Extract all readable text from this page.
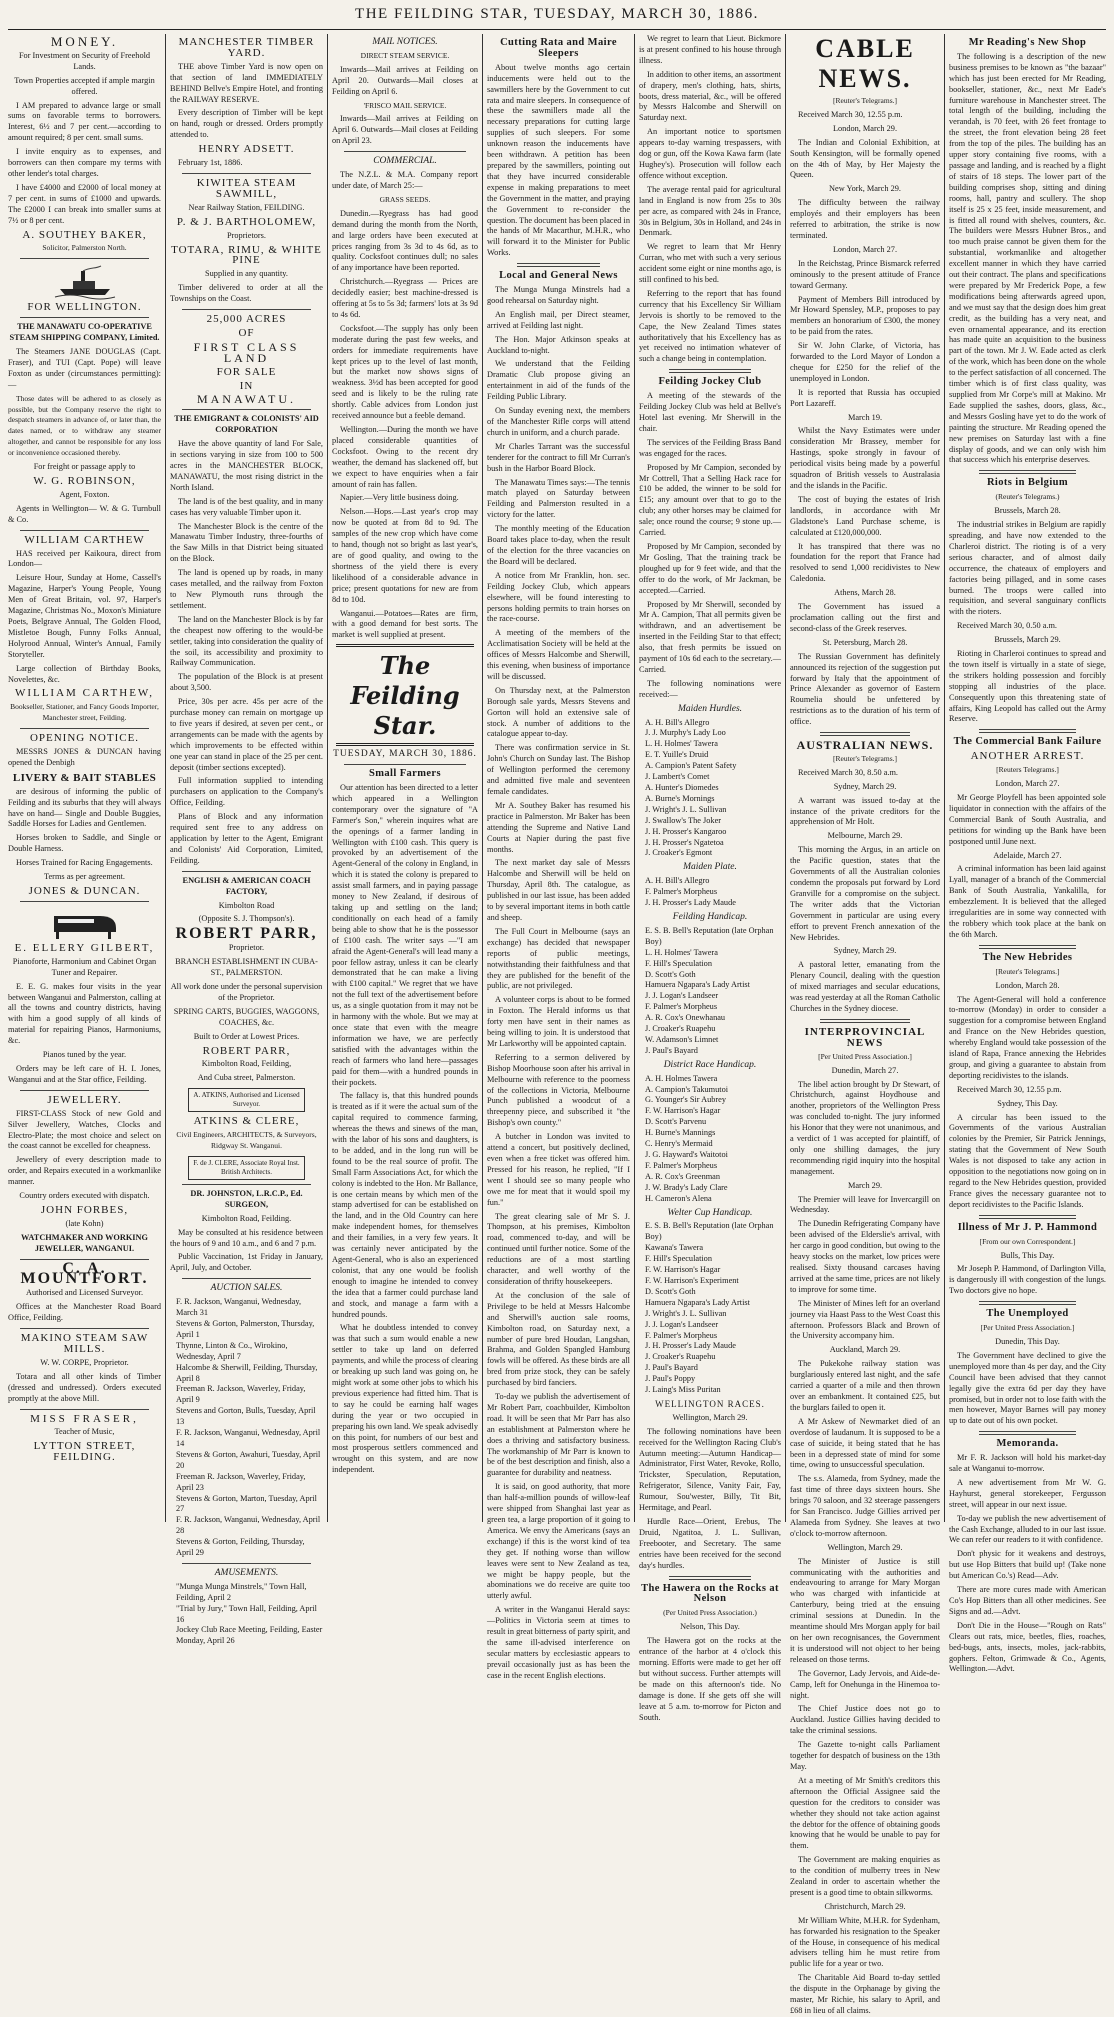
THE FEILDING STAR, TUESDAY, MARCH 30, 1886.
MONEY.

For Investment on Security of Freehold Lands.

Town Properties accepted if ample margin offered.

I AM prepared to advance large or small sums on favorable terms to borrowers. Interest, 6½ and 7 per cent.—according to amount required; 8 per cent. small sums.

I invite enquiry as to expenses, and borrowers can then compare my terms with other lender's total charges.

I have £4000 and £2000 of local money at 7 per cent. in sums of £1000 and upwards. The £2000 I can break into smaller sums at 7½ or 8 per cent.

A. SOUTHEY BAKER,

Solicitor, Palmerston North.

FOR WELLINGTON.

THE MANAWATU CO-OPERATIVE STEAM SHIPPING COMPANY, Limited.

The Steamers JANE DOUGLAS (Capt. Fraser), and TUI (Capt. Pope) will leave Foxton as under (circumstances permitting):—

Those dates will be adhered to as closely as possible, but the Company reserve the right to despatch steamers in advance of, or later than, the dates named, or to withdraw any steamer altogether, and cannot be responsible for any loss or inconvenience occasioned thereby.

For freight or passage apply to

W. G. ROBINSON,

Agent, Foxton.

Agents in Wellington— W. & G. Turnbull & Co.

WILLIAM CARTHEW

HAS received per Kaikoura, direct from London—

Leisure Hour, Sunday at Home, Cassell's Magazine, Harper's Young People, Young Men of Great Britain, vol. 97, Harper's Magazine, Christmas No., Moxon's Miniature Poets, Belgrave Annual, The Golden Flood, Mistletoe Bough, Funny Folks Annual, Holyrood Annual, Winter's Annual, Family Storyteller.

Large collection of Birthday Books, Novelettes, &c.

WILLIAM CARTHEW,

Bookseller, Stationer, and Fancy Goods Importer, Manchester street, Feilding.

OPENING NOTICE.

MESSRS JONES & DUNCAN having opened the Denbigh

LIVERY & BAIT STABLES

are desirous of informing the public of Feilding and its suburbs that they will always have on hand— Single and Double Buggies, Saddle Horses for Ladies and Gentlemen.

Horses broken to Saddle, and Single or Double Harness.

Horses Trained for Racing Engagements.

Terms as per agreement.

JONES & DUNCAN.
E. ELLERY GILBERT,

Pianoforte, Harmonium and Cabinet Organ Tuner and Repairer.

E. E. G. makes four visits in the year between Wanganui and Palmerston, calling at all the towns and country districts, having with him a good supply of all kinds of material for repairing Pianos, Harmoniums, &c.

Pianos tuned by the year.

Orders may be left care of H. I. Jones, Wanganui and at the Star office, Feilding.

JEWELLERY.

FIRST-CLASS Stock of new Gold and Silver Jewellery, Watches, Clocks and Electro-Plate; the most choice and select on the coast cannot be excelled for cheapness.

Jewellery of every description made to order, and Repairs executed in a workmanlike manner.

Country orders executed with dispatch.

JOHN FORBES,

(late Kohn)

WATCHMAKER AND WORKING JEWELLER, WANGANUI.

C. A. MOUNTFORT.

Authorised and Licensed Surveyor.

Offices at the Manchester Road Board Office, Feilding.

MAKINO STEAM SAW MILLS.

W. W. CORPE, Proprietor.

Totara and all other kinds of Timber (dressed and undressed). Orders executed promptly at the above Mill.

MISS FRASER,

Teacher of Music,

LYTTON STREET, FEILDING.
MANCHESTER TIMBER YARD.

THE above Timber Yard is now open on that section of land IMMEDIATELY BEHIND Bellve's Empire Hotel, and fronting the RAILWAY RESERVE.

Every description of Timber will be kept on hand, rough or dressed. Orders promptly attended to.

HENRY ADSETT.

February 1st, 1886.

KIWITEA STEAM SAWMILL,

Near Railway Station, FEILDING.

P. & J. BARTHOLOMEW,

Proprietors.

TOTARA, RIMU, & WHITE PINE

Supplied in any quantity.

Timber delivered to order at all the Townships on the Coast.

25,000 ACRES
OF
FIRST CLASS LAND
FOR SALE
IN
MANAWATU.

THE EMIGRANT & COLONISTS' AID CORPORATION

Have the above quantity of land For Sale, in sections varying in size from 100 to 500 acres in the MANCHESTER BLOCK, MANAWATU, the most rising district in the North Island.

The land is of the best quality, and in many cases has very valuable Timber upon it.

The Manchester Block is the centre of the Manawatu Timber Industry, three-fourths of the Saw Mills in that District being situated on the Block.

The land is opened up by roads, in many cases metalled, and the railway from Foxton to New Plymouth runs through the settlement.

The land on the Manchester Block is by far the cheapest now offering to the would-be settler, taking into consideration the quality of the soil, its accessibility and proximity to Railway Communication.

The population of the Block is at present about 3,500.

Price, 30s per acre. 45s per acre of the purchase money can remain on mortgage up to five years if desired, at seven per cent., or arrangements can be made with the agents by which improvements to be effected within one year can stand in place of the 25 per cent. deposit (timber sections excepted).

Full information supplied to intending purchasers on application to the Company's Office, Feilding.

Plans of Block and any information required sent free to any address on application by letter to the Agent, Emigrant and Colonists' Aid Corporation, Limited, Feilding.

ENGLISH & AMERICAN COACH FACTORY,

Kimbolton Road

(Opposite S. J. Thompson's).

ROBERT PARR,

Proprietor.

BRANCH ESTABLISHMENT IN CUBA-ST., PALMERSTON.

All work done under the personal supervision of the Proprietor.

SPRING CARTS, BUGGIES, WAGGONS, COACHES, &c.

Built to Order at Lowest Prices.

ROBERT PARR,

Kimbolton Road, Feilding,

And Cuba street, Palmerston.

A. ATKINS, Authorised and Licensed Surveyor.
ATKINS & CLERE,

Civil Engineers, ARCHITECTS, & Surveyors, Ridgway St. Wanganui.

F. de J. CLERE, Associate Royal Inst. British Architects.

DR. JOHNSTON, L.R.C.P., Ed. SURGEON,

Kimbolton Road, Feilding.

May be consulted at his residence between the hours of 9 and 10 a.m., and 6 and 7 p.m.

Public Vaccination, 1st Friday in January, April, July, and October.

AUCTION SALES.
F. R. Jackson, Wanganui, Wednesday, March 31
Stevens & Gorton, Palmerston, Thursday, April 1
Thynne, Linton & Co., Wirokino, Wednesday, April 7
Halcombe & Sherwill, Feilding, Thursday, April 8
Freeman R. Jackson, Waverley, Friday, April 9
Stevens and Gorton, Bulls, Tuesday, April 13
F. R. Jackson, Wanganui, Wednesday, April 14
Stevens & Gorton, Awahuri, Tuesday, April 20
Freeman R. Jackson, Waverley, Friday, April 23
Stevens & Gorton, Marton, Tuesday, April 27
F. R. Jackson, Wanganui, Wednesday, April 28
Stevens & Gorton, Feilding, Thursday, April 29
AMUSEMENTS.
"Munga Munga Minstrels," Town Hall, Feilding, April 2
"Trial by Jury," Town Hall, Feilding, April 16
Jockey Club Race Meeting, Feilding, Easter Monday, April 26
MAIL NOTICES.

DIRECT STEAM SERVICE.

Inwards—Mail arrives at Feilding on April 20. Outwards—Mail closes at Feilding on April 6.

'FRISCO MAIL SERVICE.

Inwards—Mail arrives at Feilding on April 6. Outwards—Mail closes at Feilding on April 23.

COMMERCIAL.

The N.Z.L. & M.A. Company report under date, of March 25:—

GRASS SEEDS.

Dunedin.—Ryegrass has had good demand during the month from the North, and large orders have been executed at prices ranging from 3s 3d to 4s 6d, as to quality. Cocksfoot continues dull; no sales of any importance have been reported.

Christchurch.—Ryegrass — Prices are decidedly easier; best machine-dressed is offering at 5s to 5s 3d; farmers' lots at 3s 9d to 4s 6d.

Cocksfoot.—The supply has only been moderate during the past few weeks, and orders for immediate requirements have kept prices up to the level of last month, but the market now shows signs of weakness. 3½d has been accepted for good seed and is likely to be the ruling rate shortly. Cable advices from London just received announce but a feeble demand.

Wellington.—During the month we have placed considerable quantities of Cocksfoot. Owing to the recent dry weather, the demand has slackened off, but we expect to have enquiries when a fair amount of rain has fallen.

Napier.—Very little business doing.

Nelson.—Hops.—Last year's crop may now be quoted at from 8d to 9d. The samples of the new crop which have come to hand, though not so bright as last year's, are of good quality, and owing to the shortness of the yield there is every likelihood of a considerable advance in price; present quotations for new are from 8d to 10d.

Wanganui.—Potatoes—Rates are firm, with a good demand for best sorts. The market is well supplied at present.

The Feilding Star.
TUESDAY, MARCH 30, 1886.
Small Farmers

Our attention has been directed to a letter which appeared in a Wellington contemporary over the signature of "A Farmer's Son," wherein inquires what are the openings of a farmer landing in Wellington with £100 cash. This query is provoked by an advertisement of the Agent-General of the colony in England, in which it is stated the colony is prepared to assist small farmers, and in paying passage money to New Zealand, if desirous of taking up and settling on the land; conditionally on each head of a family being able to show that he is the possessor of £100 cash. The writer says —"I am afraid the Agent-General's will lead many a poor fellow astray, unless it can be clearly demonstrated that he can make a living with £100 capital." We regret that we have not the full text of the advertisement before us, as a single quotation from it may not be in harmony with the whole. But we may at once state that even with the meagre information we have, we are perfectly satisfied with the advantages within the reach of farmers who land here—passages paid for them—with a hundred pounds in their pockets.

The fallacy is, that this hundred pounds is treated as if it were the actual sum of the capital required to commence farming, whereas the thews and sinews of the man, with the labor of his sons and daughters, is to be added, and in the long run will be found to be the real source of profit. The Small Farm Associations Act, for which the colony is indebted to the Hon. Mr Ballance, is one certain means by which men of the stamp advertised for can be established on the land, and in the Old Country can here make independent homes, for themselves and their families, in a very few years. It was certainly never anticipated by the Agent-General, who is also an experienced colonist, that any one would be foolish enough to imagine he intended to convey the idea that a farmer could purchase land and stock, and manage a farm with a hundred pounds.

What he doubtless intended to convey was that such a sum would enable a new settler to take up land on deferred payments, and while the process of clearing or breaking up such land was going on, he might work at some other jobs to which his previous experience had fitted him. That is to say he could be earning half wages during the year or two occupied in preparing his own land. We speak advisedly on this point, for numbers of our best and most prosperous settlers commenced and wrought on this system, and are now independent.

Cutting Rata and Maire Sleepers

About twelve months ago certain inducements were held out to the sawmillers here by the Government to cut rata and maire sleepers. In consequence of these the sawmillers made all the necessary preparations for cutting large supplies of such sleepers. For some unknown reason the inducements have been withdrawn. A petition has been prepared by the sawmillers, pointing out that they have incurred considerable expense in making preparations to meet the Government in the matter, and praying the Government to re-consider the question. The document has been placed in the hands of Mr Macarthur, M.H.R., who will forward it to the Minister for Public Works.

Local and General News

The Munga Munga Minstrels had a good rehearsal on Saturday night.

An English mail, per Direct steamer, arrived at Feilding last night.

The Hon. Major Atkinson speaks at Auckland to-night.

We understand that the Feilding Dramatic Club propose giving an entertainment in aid of the funds of the Feilding Public Library.

On Sunday evening next, the members of the Manchester Rifle corps will attend church in uniform, and a church parade.

Mr Charles Tarrant was the successful tenderer for the contract to fill Mr Curran's bush in the Harbor Board Block.

The Manawatu Times says:—The tennis match played on Saturday between Feilding and Palmerston resulted in a victory for the latter.

The monthly meeting of the Education Board takes place to-day, when the result of the election for the three vacancies on the Board will be declared.

A notice from Mr Franklin, hon. sec. Feilding Jockey Club, which appears elsewhere, will be found interesting to persons holding permits to train horses on the race-course.

A meeting of the members of the Acclimatisation Society will be held at the offices of Messrs Halcombe and Sherwill, this evening, when business of importance will be discussed.

On Thursday next, at the Palmerston Borough sale yards, Messrs Stevens and Gorton will hold an extensive sale of stock. A number of additions to the catalogue appear to-day.

There was confirmation service in St. John's Church on Sunday last. The Bishop of Wellington performed the ceremony and admitted five male and seventeen female candidates.

Mr A. Southey Baker has resumed his practice in Palmerston. Mr Baker has been attending the Supreme and Native Land Courts at Napier during the past five months.

The next market day sale of Messrs Halcombe and Sherwill will be held on Thursday, April 8th. The catalogue, as published in our last issue, has been added to by several important items in both cattle and sheep.

The Full Court in Melbourne (says an exchange) has decided that newspaper reports of public meetings, notwithstanding their faithfulness and that they are published for the benefit of the public, are not privileged.

A volunteer corps is about to be formed in Foxton. The Herald informs us that forty men have sent in their names as being willing to join. It is understood that Mr Larkworthy will be appointed captain.

Referring to a sermon delivered by Bishop Moorhouse soon after his arrival in Melbourne with reference to the poorness of the collections in Victoria, Melbourne Punch published a woodcut of a threepenny piece, and subscribed it "the Bishop's own county."

A butcher in London was invited to attend a concert, but positively declined, even when a free ticket was offered him. Pressed for his reason, he replied, "If I went I should see so many people who owe me for meat that it would spoil my fun."

The great clearing sale of Mr S. J. Thompson, at his premises, Kimbolton road, commenced to-day, and will be continued until further notice. Some of the reductions are of a most startling character, and well worthy of the consideration of thrifty housekeepers.

At the conclusion of the sale of Privilege to be held at Messrs Halcombe and Sherwill's auction sale rooms, Kimbolton road, on Saturday next, a number of pure bred Houdan, Langshan, Brahma, and Golden Spangled Hamburg fowls will be offered. As these birds are all bred from prize stock, they can be safely purchased by bird fanciers.

To-day we publish the advertisement of Mr Robert Parr, coachbuilder, Kimbolton road. It will be seen that Mr Parr has also an establishment at Palmerston where he does a thriving and satisfactory business. The workmanship of Mr Parr is known to be of the best description and finish, also a guarantee for durability and neatness.

It is said, on good authority, that more than half-a-million pounds of willow-leaf were shipped from Shanghai last year as green tea, a large proportion of it going to America. We envy the Americans (says an exchange) if this is the worst kind of tea they get. If nothing worse than willow leaves were sent to New Zealand as tea, we might be happy people, but the abominations we do receive are quite too utterly awful.

A writer in the Wanganui Herald says:—Politics in Victoria seem at times to result in great bitterness of party spirit, and the same ill-advised interference on secular matters by ecclesiastic appears to prevail occasionally just as has been the case in the recent English elections.

We regret to learn that Lieut. Bickmore is at present confined to his house through illness.

In addition to other items, an assortment of drapery, men's clothing, hats, shirts, boots, dress material, &c., will be offered by Messrs Halcombe and Sherwill on Saturday next.

An important notice to sportsmen appears to-day warning trespassers, with dog or gun, off the Kowa Kawa farm (late Hughey's). Prosecution will follow each offence without exception.

The average rental paid for agricultural land in England is now from 25s to 30s per acre, as compared with 24s in France, 30s in Belgium, 30s in Holland, and 24s in Denmark.

We regret to learn that Mr Henry Curran, who met with such a very serious accident some eight or nine months ago, is still confined to his bed.

Referring to the report that has found currency that his Excellency Sir William Jervois is shortly to be removed to the Cape, the New Zealand Times states authoritatively that his Excellency has as yet received no intimation whatever of such a change being in contemplation.

Feilding Jockey Club

A meeting of the stewards of the Feilding Jockey Club was held at Bellve's Hotel last evening. Mr Sherwill in the chair.

The services of the Feilding Brass Band was engaged for the races.

Proposed by Mr Campion, seconded by Mr Cottrell, That a Selling Hack race for £10 be added, the winner to be sold for £15; any amount over that to go to the club; any other horses may be claimed for sale; once round the course; 9 stone up.—Carried.

Proposed by Mr Campion, seconded by Mr Gosling, That the training track be ploughed up for 9 feet wide, and that the offer to do the work, of Mr Jackman, be accepted.—Carried.

Proposed by Mr Sherwill, seconded by Mr A. Campion, That all permits given be withdrawn, and an advertisement be inserted in the Feilding Star to that effect; also, that fresh permits be issued on payment of 10s 6d each to the secretary.—Carried.

The following nominations were received:—

Maiden Hurdles.
A. H. Bill's Allegro
J. J. Murphy's Lady Loo
L. H. Holmes' Tawera
E. T. Yuille's Druid
A. Campion's Patent Safety
J. Lambert's Comet
A. Hunter's Diomedes
A. Burne's Mornings
J. Wright's J. L. Sullivan
J. Swallow's The Joker
J. H. Prosser's Kangaroo
J. H. Prosser's Ngatetoa
J. Croaker's Egmont
Maiden Plate.
A. H. Bill's Allegro
F. Palmer's Morpheus
J. H. Prosser's Lady Maude
Feilding Handicap.
E. S. B. Bell's Reputation (late Orphan Boy)
L. H. Holmes' Tawera
F. Hill's Speculation
D. Scott's Goth
Hamuera Ngapara's Lady Artist
J. J. Logan's Landseer
F. Palmer's Morpheus
A. R. Cox's Onewhanau
J. Croaker's Ruapehu
W. Adamson's Limnet
J. Paul's Bayard
District Race Handicap.
A. H. Holmes Tawera
A. Campion's Takumutoi
G. Younger's Sir Aubrey
F. W. Harrison's Hagar
D. Scott's Parvenu
H. Burne's Mannings
C. Henry's Mermaid
J. G. Hayward's Waitotoi
F. Palmer's Morpheus
A. R. Cox's Greenman
J. W. Brady's Lady Clare
H. Cameron's Alena
Welter Cup Handicap.
E. S. B. Bell's Reputation (late Orphan Boy)
Kawana's Tawera
F. Hill's Speculation
F. W. Harrison's Hagar
F. W. Harrison's Experiment
D. Scott's Goth
Hamuera Ngapara's Lady Artist
J. Wright's J. L. Sullivan
J. J. Logan's Landseer
F. Palmer's Morpheus
J. H. Prosser's Lady Maude
J. Croaker's Ruapehu
J. Paul's Bayard
J. Paul's Poppy
J. Laing's Miss Puritan
WELLINGTON RACES.

Wellington, March 29.

The following nominations have been received for the Wellington Racing Club's Autumn meeting:—Autumn Handicap—Administrator, First Water, Revoke, Rollo, Trickster, Speculation, Reputation, Refrigerator, Silence, Vanity Fair, Fay, Rumour, Sou'wester, Billy, Tit Bit, Hermitage, and Pearl.

Hurdle Race—Orient, Erebus, The Druid, Ngatitoa, J. L. Sullivan, Freebooter, and Secretary. The same entries have been received for the second day's hurdles.

The Hawera on the Rocks at Nelson

(Per United Press Association.)

Nelson, This Day.

The Hawera got on the rocks at the entrance of the harbor at 4 o'clock this morning. Efforts were made to get her off but without success. Further attempts will be made on this afternoon's tide. No damage is done. If she gets off she will leave at 5 a.m. to-morrow for Picton and South.

CABLE NEWS.

[Reuter's Telegrams.]

Received March 30, 12.55 p.m.

London, March 29.

The Indian and Colonial Exhibition, at South Kensington, will be formally opened on the 4th of May, by Her Majesty the Queen.

New York, March 29.

The difficulty between the railway employés and their employers has been referred to arbitration, the strike is now terminated.

London, March 27.

In the Reichstag, Prince Bismarck referred ominously to the present attitude of France toward Germany.

Payment of Members Bill introduced by Mr Howard Spensley, M.P., proposes to pay members an honorarium of £300, the money to be paid from the rates.

Sir W. John Clarke, of Victoria, has forwarded to the Lord Mayor of London a cheque for £250 for the relief of the unemployed in London.

It is reported that Russia has occupied Port Lazareff.

March 19.

Whilst the Navy Estimates were under consideration Mr Brassey, member for Hastings, spoke strongly in favour of periodical visits being made by a powerful squadron of British vessels to Australasia and the islands in the Pacific.

The cost of buying the estates of Irish landlords, in accordance with Mr Gladstone's Land Purchase scheme, is calculated at £120,000,000.

It has transpired that there was no foundation for the report that France had resolved to send 1,000 recidivistes to New Caledonia.

Athens, March 28.

The Government has issued a proclamation calling out the first and second-class of the Greek reserves.

St. Petersburg, March 28.

The Russian Government has definitely announced its rejection of the suggestion put forward by Italy that the appointment of Prince Alexander as governor of Eastern Roumelia should be unfettered by restrictions as to the duration of his term of office.

AUSTRALIAN NEWS.

[Reuter's Telegrams.]

Received March 30, 8.50 a.m.

Sydney, March 29.

A warrant was issued to-day at the instance of the private creditors for the apprehension of Mr Holt.

Melbourne, March 29.

This morning the Argus, in an article on the Pacific question, states that the Governments of all the Australian colonies condemn the proposals put forward by Lord Granville for a compromise on the subject. The writer adds that the Victorian Government in particular are using every effort to prevent French annexation of the New Hebrides.

Sydney, March 29.

A pastoral letter, emanating from the Plenary Council, dealing with the question of mixed marriages and secular educations, was read yesterday at all the Roman Catholic Churches in the Sydney diocese.

INTERPROVINCIAL NEWS

[Per United Press Association.]

Dunedin, March 27.

The libel action brought by Dr Stewart, of Christchurch, against Hoydhouse and another, proprietors of the Wellington Press was concluded to-night. The jury informed his Honor that they were not unanimous, and a verdict of 1 was accepted for plaintiff, of only one shilling damages, the jury recommending rigid inquiry into the hospital management.

March 29.

The Premier will leave for Invercargill on Wednesday.

The Dunedin Refrigerating Company have been advised of the Elderslie's arrival, with her cargo in good condition, but owing to the heavy stocks on the market, low prices were realised. Sixty thousand carcases having arrived at the same time, prices are not likely to improve for some time.

The Minister of Mines left for an overland journey via Haast Pass to the West Coast this afternoon. Professors Black and Brown of the University accompany him.

Auckland, March 29.

The Pukekohe railway station was burglariously entered last night, and the safe carried a quarter of a mile and then thrown over an embankment. It contained £25, but the burglars failed to open it.

A Mr Askew of Newmarket died of an overdose of laudanum. It is supposed to be a case of suicide, it being stated that he has been in a depressed state of mind for some time, owing to unsuccessful speculation.

The s.s. Alameda, from Sydney, made the fast time of three days sixteen hours. She brings 70 saloon, and 32 steerage passengers for San Francisco. Judge Gillies arrived per Alameda from Sydney. She leaves at two o'clock to-morrow afternoon.

Wellington, March 29.

The Minister of Justice is still communicating with the authorities and endeavouring to arrange for Mary Morgan who was charged with infanticide at Canterbury, being tried at the ensuing criminal sessions at Dunedin. In the meantime should Mrs Morgan apply for bail on her own recognisances, the Government it is understood will not object to her being released on those terms.

The Governor, Lady Jervois, and Aide-de-Camp, left for Onehunga in the Hinemoa to-night.

The Chief Justice does not go to Auckland. Justice Gillies having decided to take the criminal sessions.

The Gazette to-night calls Parliament together for despatch of business on the 13th May.

At a meeting of Mr Smith's creditors this afternoon the Official Assignee said the question for the creditors to consider was whether they should not take action against the debtor for the offence of obtaining goods knowing that he would be unable to pay for them.

The Government are making enquiries as to the condition of mulberry trees in New Zealand in order to ascertain whether the present is a good time to obtain silkworms.

Christchurch, March 29.

Mr William White, M.H.R. for Sydenham, has forwarded his resignation to the Speaker of the House, in consequence of his medical advisers telling him he must retire from public life for a year or two.

The Charitable Aid Board to-day settled the dispute in the Orphanage by giving the master, Mr Richie, his salary to April, and £68 in lieu of all claims.

Mr Reading's New Shop

The following is a description of the new business premises to be known as "the bazaar" which has just been erected for Mr Reading, bookseller, stationer, &c., next Mr Eade's furniture warehouse in Manchester street. The total length of the building, including the verandah, is 70 feet, with 26 feet frontage to the street, the front elevation being 28 feet from the top of the piles. The building has an upper story containing five rooms, with a passage and landing, and is reached by a flight of stairs of 18 steps. The lower part of the building comprises shop, sitting and dining rooms, hall, pantry and scullery. The shop itself is 25 x 25 feet, inside measurement, and is fitted all round with shelves, counters, &c. The builders were Messrs Hubner Bros., and too much praise cannot be given them for the substantial, workmanlike and altogether excellent manner in which they have carried out their contract. The plans and specifications were prepared by Mr Frederick Pope, a few modifications being afterwards agreed upon, and we must say that the design does him great credit, as the building has a very neat, and even ornamental appearance, and its erection has made quite an acquisition to the business part of the town. Mr J. W. Eade acted as clerk of the work, which has been done on the whole to the perfect satisfaction of all concerned. The timber which is of first class quality, was supplied from Mr Corpe's mill at Makino. Mr Eade supplied the sashes, doors, glass, &c., and Messrs Gosling have yet to do the work of painting the structure. Mr Reading opened the new premises on Saturday last with a fine display of goods, and we can only wish him that success which his enterprise deserves.

Riots in Belgium

(Reuter's Telegrams.)

Brussels, March 28.

The industrial strikes in Belgium are rapidly spreading, and have now extended to the Charleroi district. The rioting is of a very serious character, and of almost daily occurrence, the chateaux of employers and factories being pillaged, and in some cases burned. The troops were called into requisition, and several sanguinary conflicts with the rioters.

Received March 30, 0.50 a.m.

Brussels, March 29.

Rioting in Charleroi continues to spread and the town itself is virtually in a state of siege, the strikers holding possession and forcibly stopping all industries of the place. Consequently upon this threatening state of affairs, King Leopold has called out the Army Reserve.

The Commercial Bank Failure
ANOTHER ARREST.

[Reuters Telegrams.]

London, March 27.

Mr George Ployfell has been appointed sole liquidator in connection with the affairs of the Commercial Bank of South Australia, and petitions for winding up the Bank have been postponed until June next.

Adelaide, March 27.

A criminal information has been laid against Lyall, manager of a branch of the Commercial Bank of South Australia, Yankalilla, for embezzlement. It is believed that the alleged irregularities are in some way connected with the robbery which took place at the bank on the 6th March.

The New Hebrides

[Reuter's Telegrams.]

London, March 28.

The Agent-General will hold a conference to-morrow (Monday) in order to consider a suggestion for a compromise between England and France on the New Hebrides question, whereby England would take possession of the island of Rapa, France annexing the Hebrides group, and giving a guarantee to abstain from deporting recidivistes to the islands.

Received March 30, 12.55 p.m.

Sydney, This Day.

A circular has been issued to the Governments of the various Australian colonies by the Premier, Sir Patrick Jennings, stating that the Government of New South Wales is not disposed to take any action in opposition to the negotiations now going on in regard to the New Hebrides question, provided France gives the necessary guarantee not to deport recidivistes to the Pacific Islands.

Illness of Mr J. P. Hammond

[From our own Correspondent.]

Bulls, This Day.

Mr Joseph P. Hammond, of Darlington Villa, is dangerously ill with congestion of the lungs. Two doctors give no hope.

The Unemployed

[Per United Press Association.]

Dunedin, This Day.

The Government have declined to give the unemployed more than 4s per day, and the City Council have been advised that they cannot legally give the extra 6d per day they have promised, but in order not to lose faith with the men however, Mayor Barnes will pay money up to date out of his own pocket.

Memoranda.

Mr F. R. Jackson will hold his market-day sale at Wanganui to-morrow.

A new advertisement from Mr W. G. Hayhurst, general storekeeper, Fergusson street, will appear in our next issue.

To-day we publish the new advertisement of the Cash Exchange, alluded to in our last issue. We can refer our readers to it with confidence.

Don't physic for it weakens and destroys, but use Hop Bitters that build up! (Take none but American Co.'s) Read—Adv.

There are more cures made with American Co's Hop Bitters than all other medicines. See Signs and ad.—Advt.

Don't Die in the House—"Rough on Rats" Clears out rats, mice, beetles, flies, roaches, bed-bugs, ants, insects, moles, jack-rabbits, gophers. Felton, Grimwade & Co., Agents, Wellington.—Advt.
